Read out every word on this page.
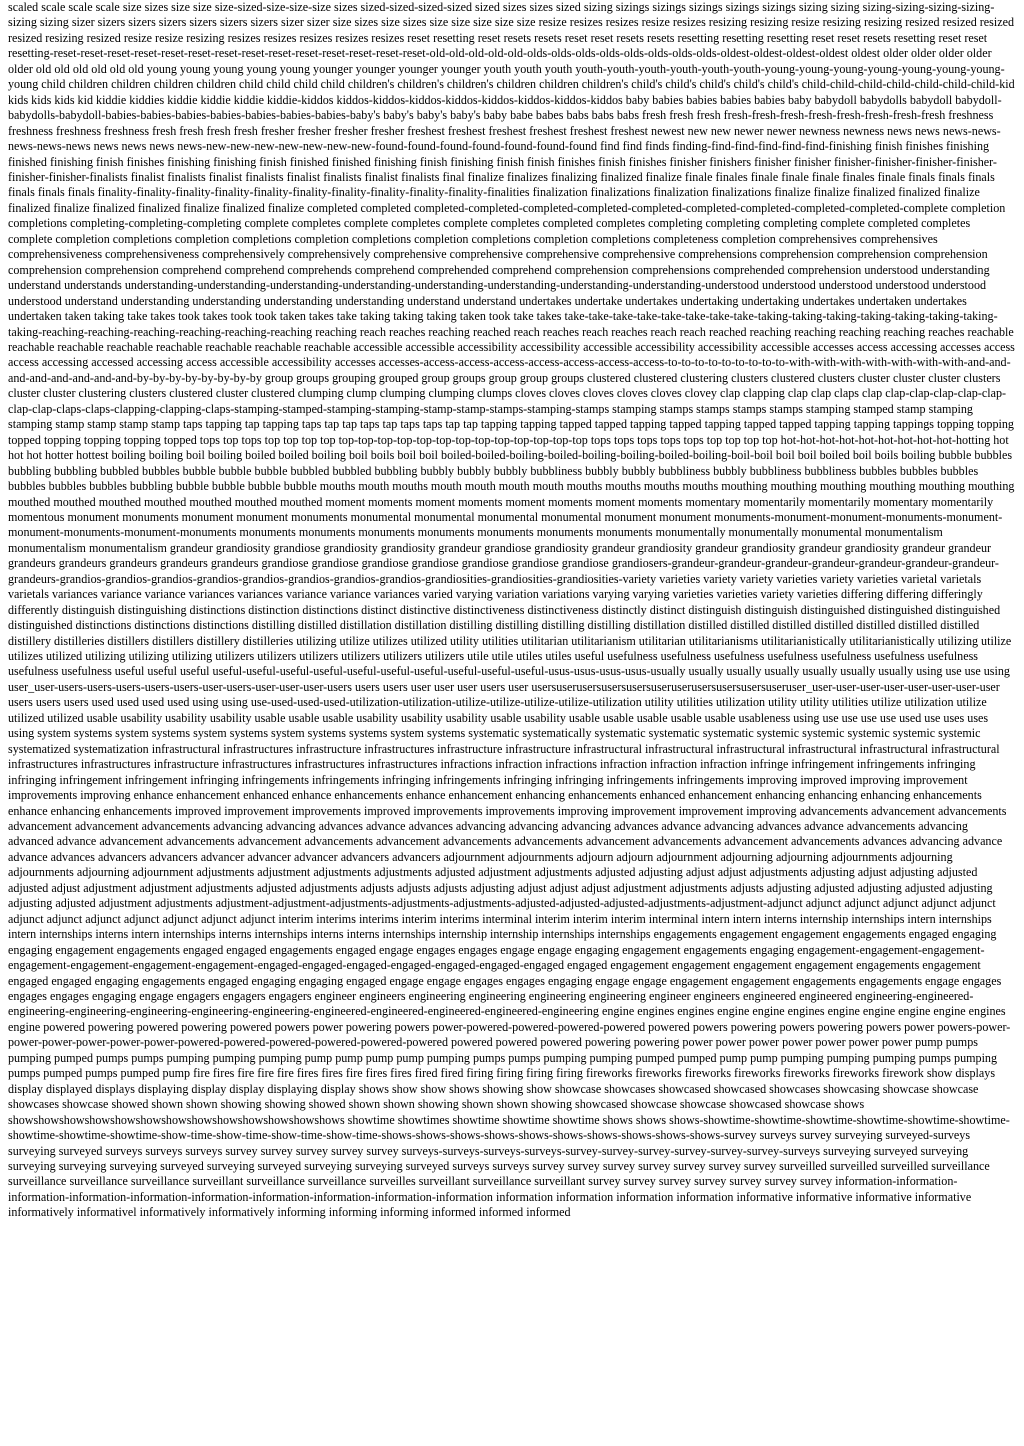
scaled scale scale scale size sizes size size size-sized-size-size-size sizes sized-sized-sized-sized sized sizes sizes sized sizing sizings sizings sizings sizings sizings sizing sizing sizing-sizing-sizing-sizing-sizing sizing sizer sizers sizers sizers sizers sizers sizers sizer sizer size sizes size sizes size size size size size resize resizes resizes resize resizes resizing resizing resize resizing resizing resized resized resized resized resizing resized resize resize resizing resizes resizes resizes resizes resizes reset resetting reset resets resets reset reset resets resets resetting resetting resetting reset reset resets resetting reset reset resetting-reset-reset-reset-reset-reset-reset-reset-reset-reset-reset-reset-reset-reset-reset-old-old-old-old-old-olds-olds-olds-olds-olds-olds-olds-olds-oldest-oldest-oldest-oldest oldest older older older older older old old old old old old young young young young young younger younger younger younger youth youth youth youth-youth-youth-youth-youth-youth-young-young-young-young-young-young-young-young child children children children children child child child child children's children's children's children children children's child's child's child's child's child's child-child-child-child-child-child-child-kid kids kids kids kid kiddie kiddies kiddie kiddie kiddie kiddie-kiddos kiddos-kiddos-kiddos-kiddos-kiddos-kiddos-kiddos-kiddos baby babies babies babies babies baby babydoll babydolls babydoll babydoll-babydolls-babydoll-babies-babies-babies-babies-babies-babies-babies-baby's baby's baby's baby's baby babe babes babs babs babs fresh fresh fresh fresh-fresh-fresh-fresh-fresh-fresh-fresh-fresh freshness freshness freshness freshness fresh fresh fresh fresh fresher fresher fresher fresher freshest freshest freshest freshest freshest freshest newest new new newer newer newness newness news news news-news-news-news-news news news news news-new-new-new-new-new-new-new-found-found-found-found-found-found-found find find finds finding-find-find-find-find-find-finishing finish finishes finishing finished finishing finish finishes finishing finishing finish finished finished finishing finish finishing finish finish finishes finish finishes finisher finishers finisher finisher finisher-finisher-finisher-finisher-finisher-finisher-finalists finalist finalists finalist finalists finalist finalists finalist finalists final finalize finalizes finalizing finalized finalize finale finales finale finale finale finales finale finals finals finals finals finals finals finality-finality-finality-finality-finality-finality-finality-finality-finality-finality-finalities finalization finalizations finalization finalizations finalize finalize finalized finalized finalize finalized finalize finalized finalized finalize finalized finalize completed completed completed-completed-completed-completed-completed-completed-completed-completed-completed-complete completion completions completing-completing-completing complete completes complete completes complete completes completed completes completing completing completing complete completed completes complete completion completions completion completions completion completions completion completions completion completions completeness completion comprehensives comprehensives comprehensiveness comprehensiveness comprehensively comprehensively comprehensive comprehensive comprehensive comprehensive comprehensions comprehension comprehension comprehension comprehension comprehension comprehend comprehend comprehends comprehend comprehended comprehend comprehension comprehensions comprehended comprehension understood understanding understand understands understanding-understanding-understanding-understanding-understanding-understanding-understanding-understanding-understood understood understood understood understood understood understand understanding understanding understanding understanding understand understand undertakes undertake undertakes undertaking undertaking undertakes undertaken undertakes undertaken taken taking take takes took takes took took taken takes take taking taking taking taken took take takes take-take-take-take-take-take-take-take-taking-taking-taking-taking-taking-taking-taking-taking-reaching-reaching-reaching-reaching-reaching-reaching reaching reach reaches reaching reached reach reaches reach reaches reach reach reached reaching reaching reaching reaching reaches reachable reachable reachable reachable reachable reachable reachable reachable accessible accessible accessibility accessibility accessible accessibility accessibility accessible accesses access accessing accesses access access accessing accessed accessing access accessible accessibility accesses accesses-access-access-access-access-access-access-access-to-to-to-to-to-to-to-to-to-with-with-with-with-with-with-with-and-and-and-and-and-and-and-and-by-by-by-by-by-by-by-by group groups grouping grouped group groups group group groups clustered clustered clustering clusters clustered clusters cluster cluster cluster clusters cluster cluster clustering clusters clustered cluster clustered clumping clump clumping clumping clumps cloves cloves cloves cloves cloves clovey clap clapping clap clap claps clap clap-clap-clap-clap-clap-clap-clap-claps-claps-clapping-clapping-claps-stamping-stamped-stamping-stamping-stamp-stamp-stamps-stamping-stamps stamping stamps stamps stamps stamps stamping stamped stamp stamping stamping stamp stamp stamp stamp taps tapping tap tapping taps tap tap taps tap taps taps tap tap tapping tapping tapped tapped tapping tapped tapping tapped tapped tapping tapping tappings topping topping topped topping topping topping topped tops top tops top top top top top-top-top-top-top-top-top-top-top-top-top-top-top tops tops tops tops tops top top top top hot-hot-hot-hot-hot-hot-hot-hot-hot-hotting hot hot hot hotter hottest boiling boiling boil boiling boiled boiled boiling boil boils boil boil boiled-boiled-boiling-boiled-boiling-boiling-boiled-boiling-boil-boil boil boil boiled boil boils boiling bubble bubbles bubbling bubbling bubbled bubbles bubble bubble bubble bubbled bubbled bubbling bubbly bubbly bubbly bubbliness bubbly bubbly bubbliness bubbly bubbliness bubbliness bubbles bubbles bubbles bubbles bubbles bubbles bubbling bubble bubble bubble bubble mouths mouth mouths mouth mouth mouth mouth mouths mouths mouths mouths mouthing mouthing mouthing mouthing mouthing mouthing mouthed mouthed mouthed mouthed mouthed mouthed mouthed moment moments moment moments moment moments moment moments momentary momentarily momentarily momentary momentarily momentous monument monuments monument monument monuments monumental monumental monumental monumental monument monument monuments-monument-monument-monuments-monument-monument-monuments-monument-monuments monuments monuments monuments monuments monuments monuments monuments monumentally monumentally monumental monumentalism monumentalism monumentalism grandeur grandiosity grandiose grandiosity grandiosity grandeur grandiose grandiosity grandeur grandiosity grandeur grandiosity grandeur grandiosity grandeur grandeur grandeurs grandeurs grandeurs grandeurs grandeurs grandiose grandiose grandiose grandiose grandiose grandiose grandiose grandiosers-grandeur-grandeur-grandeur-grandeur-grandeur-grandeur-grandeur-grandeurs-grandios-grandios-grandios-grandios-grandios-grandios-grandios-grandios-grandiosities-grandiosities-grandiosities-variety varieties variety variety varieties variety varieties varietal varietals varietals variances variance variance variances variances variance variance variances varied varying variation variations varying varying varieties varieties variety varieties differing differing differingly differently distinguish distinguishing distinctions distinction distinctions distinct distinctive distinctiveness distinctiveness distinctly distinct distinguish distinguish distinguished distinguished distinguished distinguished distinctions distinctions distinctions distilling distilled distillation distillation distilling distilling distilling distilling distillation distilled distilled distilled distilled distilled distilled distilled distillery distilleries distillers distillers distillery distilleries utilizing utilize utilizes utilized utility utilities utilitarian utilitarianism utilitarian utilitarianisms utilitarianistically utilitarianistically utilizing utilize utilizes utilized utilizing utilizing utilizing utilizers utilizers utilizers utilizers utilizers utilizers utile utile utiles utiles useful usefulness usefulness usefulness usefulness usefulness usefulness usefulness usefulness usefulness useful useful useful useful-useful-useful-useful-useful-useful-useful-useful-useful-useful-usus-usus-usus-usus-usually usually usually usually usually usually usually using use use using user_user-users-users-users-users-users-user-users-user-user-user-users users users user user user users user usersuserusersusersusersuseruserusersusersusersuseruser_user-user-user-user-user-user-user-user users users users used used used used using using use-used-used-used-utilization-utilization-utilize-utilize-utilize-utilize-utilization utility utilities utilization utility utility utilities utilize utilization utilize utilized utilized usable usability usability usability usable usable usable usability usability usability usable usability usable usable usable usable usable usableness using use use use use used use uses uses using system systems system systems system systems system systems systems system systems systematic systematically systematic systematic systematic systemic systemic systemic systemic systemic systematized systematization infrastructural infrastructures infrastructure infrastructures infrastructure infrastructure infrastructural infrastructural infrastructural infrastructural infrastructural infrastructural infrastructures infrastructures infrastructure infrastructures infrastructures infrastructures infractions infraction infractions infraction infraction infraction infringe infringement infringements infringing infringing infringement infringement infringing infringements infringements infringing infringements infringing infringing infringements infringements improving improved improving improvement improvements improving enhance enhancement enhanced enhance enhancements enhance enhancement enhancing enhancements enhanced enhancement enhancing enhancing enhancing enhancements enhance enhancing enhancements improved improvement improvements improved improvements improvements improving improvement improvement improving advancements advancement advancements advancement advancement advancements advancing advancing advances advance advances advancing advancing advancing advances advance advancing advances advance advancements advancing advanced advance advancement advancements advancement advancements advancement advancements advancements advancement advancements advancement advancements advances advancing advance advance advances advancers advancers advancer advancer advancer advancers advancers adjournment adjournments adjourn adjourn adjournment adjourning adjourning adjournments adjourning adjournments adjourning adjournment adjustments adjustment adjustments adjustments adjusted adjustment adjustments adjusted adjusting adjust adjust adjustments adjusting adjust adjusting adjusted adjusted adjust adjustment adjustment adjustments adjusted adjustments adjusts adjusts adjusts adjusting adjust adjust adjust adjustment adjustments adjusts adjusting adjusted adjusting adjusted adjusting adjusting adjusted adjustment adjustments adjustment-adjustment-adjustments-adjustments-adjustments-adjusted-adjusted-adjusted-adjustments-adjustment-adjunct adjunct adjunct adjunct adjunct adjunct adjunct adjunct adjunct adjunct adjunct adjunct adjunct interim interims interims interim interims interminal interim interim interim interminal intern intern interns internship internships intern internships intern internships interns intern internships interns internships interns interns internships internship internship internships internships engagements engagement engagement engagements engaged engaging engaging engagement engagements engaged engaged engagements engaged engage engages engages engage engage engaging engagement engagements engaging engagement-engagement-engagement-engagement-engagement-engagement-engagement-engaged-engaged-engaged-engaged-engaged-engaged-engaged engaged engagement engagement engagement engagement engagements engagement engaged engaged engaging engagements engaged engaging engaging engaged engage engage engages engages engaging engage engage engagement engagement engagements engagements engage engages engages engages engaging engage engagers engagers engagers engineer engineers engineering engineering engineering engineering engineer engineers engineered engineered engineering-engineered-engineering-engineering-engineering-engineering-engineering-engineered-engineered-engineered-engineered-engineering engine engines engines engine engine engines engine engine engine engine engines engine powered powering powered powering powered powers power powering powers power-powered-powered-powered-powered powered powers powering powers powering powers power powers-power-power-power-power-power-power-powered-powered-powered-powered-powered-powered powered powered powered powering powering power power power power power power power pump pumps pumping pumped pumps pumps pumping pumping pumping pump pump pump pump pumping pumps pumps pumping pumping pumped pumped pump pump pumping pumping pumping pumps pumping pumps pumped pumps pumped pump fire fires fire fire fire fires fires fire fires fires fired fired firing firing firing firing fireworks fireworks fireworks fireworks fireworks fireworks firework show displays display displayed displays displaying display display displaying display shows show show shows showing show showcase showcases showcased showcased showcases showcasing showcase showcase showcases showcase showed shown shown showing showing showed shown shown showing shown shown showing showcased showcase showcase showcased showcase shows showshowshowshowshowshowshowshowshowshowshowshowshows showtime showtimes showtime showtime showtime shows shows shows-showtime-showtime-showtime-showtime-showtime-showtime-showtime-showtime-showtime-show-time-show-time-show-time-show-time-shows-shows-shows-shows-shows-shows-shows-shows-shows-shows-survey surveys survey surveying surveyed-surveys surveying surveyed surveys surveys surveys survey survey survey survey survey surveys-surveys-surveys-surveys-survey-survey-survey-survey-survey-survey-surveys surveying surveyed surveying surveying surveying surveying surveyed surveying surveyed surveying surveying surveyed surveys surveys survey survey survey survey survey survey survey surveilled surveilled surveilled surveillance surveillance surveillance surveillance surveillant surveillance surveillance surveilles surveillant surveillance surveillant survey survey survey survey survey survey survey information-information-information-information-information-information-information-information-information-information information information information information informative informative informative informative informatively informativel informatively informatively informing informing informing informed informed informed
